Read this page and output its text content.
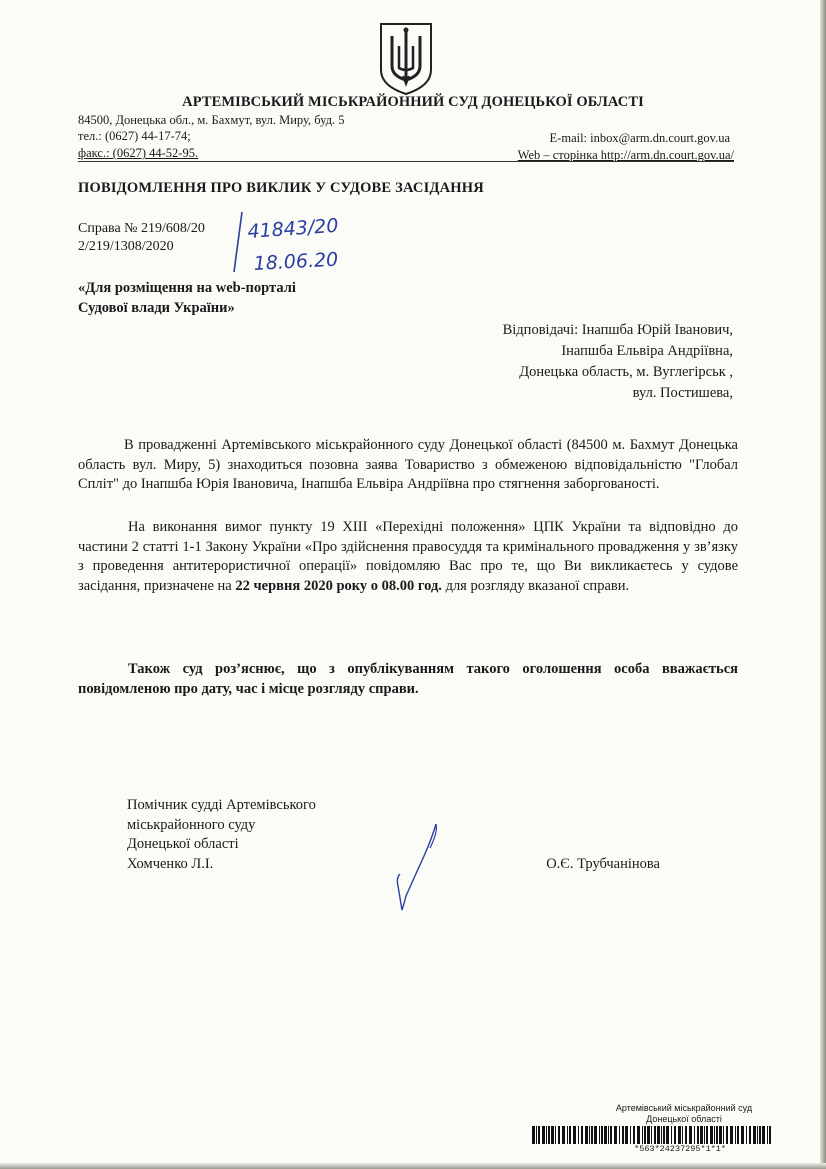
АРТЕМІВСЬКИЙ МІСЬКРАЙОННИЙ СУД ДОНЕЦЬКОЇ ОБЛАСТІ
84500, Донецька обл., м. Бахмут, вул. Миру, буд. 5
тел.: (0627) 44-17-74;
факс.: (0627) 44-52-95.
E-mail: inbox@arm.dn.court.gov.ua
Web – сторінка http://arm.dn.court.gov.ua/
ПОВІДОМЛЕННЯ ПРО ВИКЛИК У СУДОВЕ ЗАСІДАННЯ
Справа № 219/608/20
2/219/1308/2020
41843/20
18.06.20
«Для розміщення на web-порталі
Судової влади України»
Відповідачі: Інапшба Юрій Іванович,
Інапшба Ельвіра Андріївна,
Донецька область, м. Вуглегірськ ,
вул. Постишева,
В провадженні Артемівського міськрайонного суду Донецької області (84500 м. Бахмут Донецька область вул. Миру, 5) знаходиться позовна заява Товариство з обмеженою відповідальністю "Глобал Спліт" до Інапшба Юрія Івановича, Інапшба Ельвіра Андріївна про стягнення заборгованості.
На виконання вимог пункту 19 XIII «Перехідні положення» ЦПК України та відповідно до частини 2 статті 1-1 Закону України «Про здійснення правосуддя та кримінального провадження у зв’язку з проведення антитерористичної операції» повідомляю Вас про те, що Ви викликаєтесь у судове засідання, призначене на 22 червня 2020 року о 08.00 год. для розгляду вказаної справи.
Також суд роз’яснює, що з опублікуванням такого оголошення особа вважається повідомленою про дату, час і місце розгляду справи.
Помічник судді Артемівського
міськрайонного суду
Донецької області
Хомченко Л.І.	О.Є. Трубчанінова
Артемівський міськрайонний суд
Донецької області
*563*24237295*1*1*
